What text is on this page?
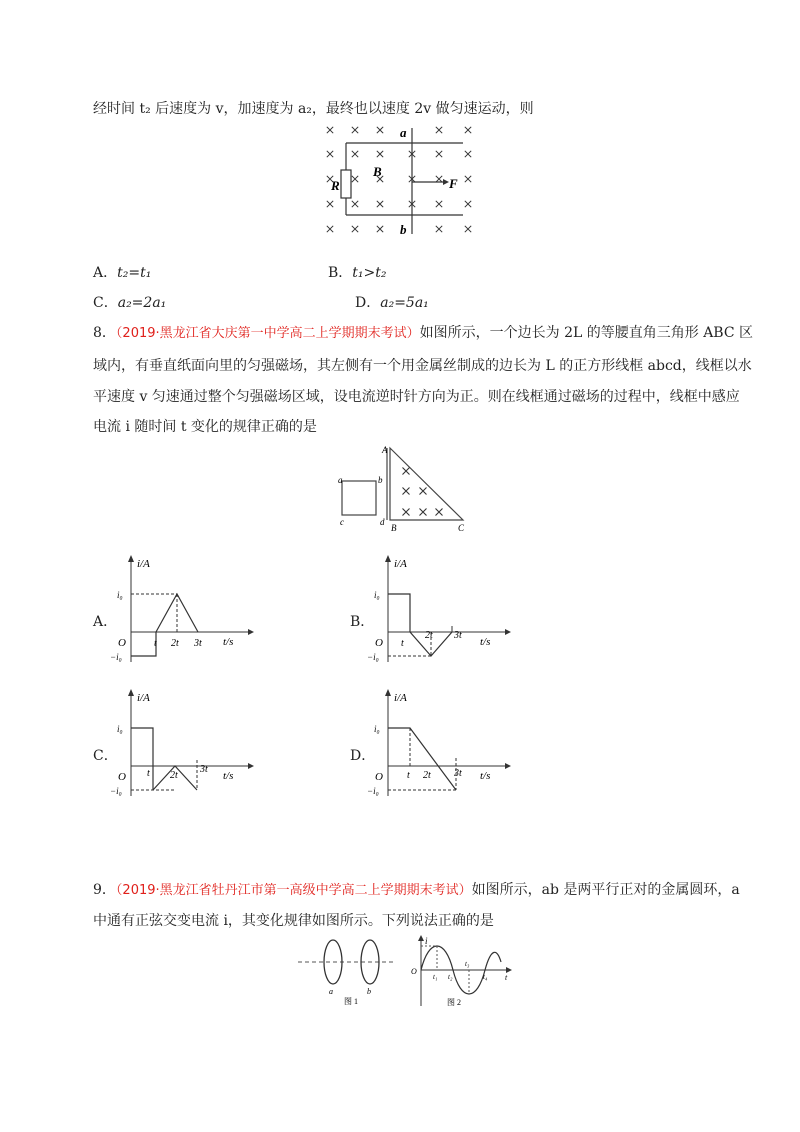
经时间 t₂ 后速度为 v，加速度为 a₂，最终也以速度 2v 做匀速运动，则
a
b
R
B
F
A．t₂=t₁	B．t₁>t₂
C．a₂=2a₁	D．a₂=5a₁
8．（2019·黑龙江省大庆第一中学高二上学期期末考试）如图所示，一个边长为 2L 的等腰直角三角形 ABC 区
域内，有垂直纸面向里的匀强磁场，其左侧有一个用金属丝制成的边长为 L 的正方形线框 abcd，线框以水
平速度 v 匀速通过整个匀强磁场区域，设电流逆时针方向为正。则在线框通过磁场的过程中，线框中感应
电流 i 随时间 t 变化的规律正确的是
a	b
c	d
A
B	C
A．
i/A
t/s
O
i₀
−i₀
t 2t 3t
B．
i/A
t/s
O
i₀
−i₀
t
2t 3t
C．
i/A
t/s
O
i₀
−i₀
t 2t
3t
D．
i/A
t/s
O
i₀
−i₀
t 2t 3t
9．（2019·黑龙江省牡丹江市第一高级中学高二上学期期末考试）如图所示，ab 是两平行正对的金属圆环，a
中通有正弦交变电流 i，其变化规律如图所示。下列说法正确的是
a	b
图 1
i
O
t
t₁ t₂
t₃
t₄
图 2
